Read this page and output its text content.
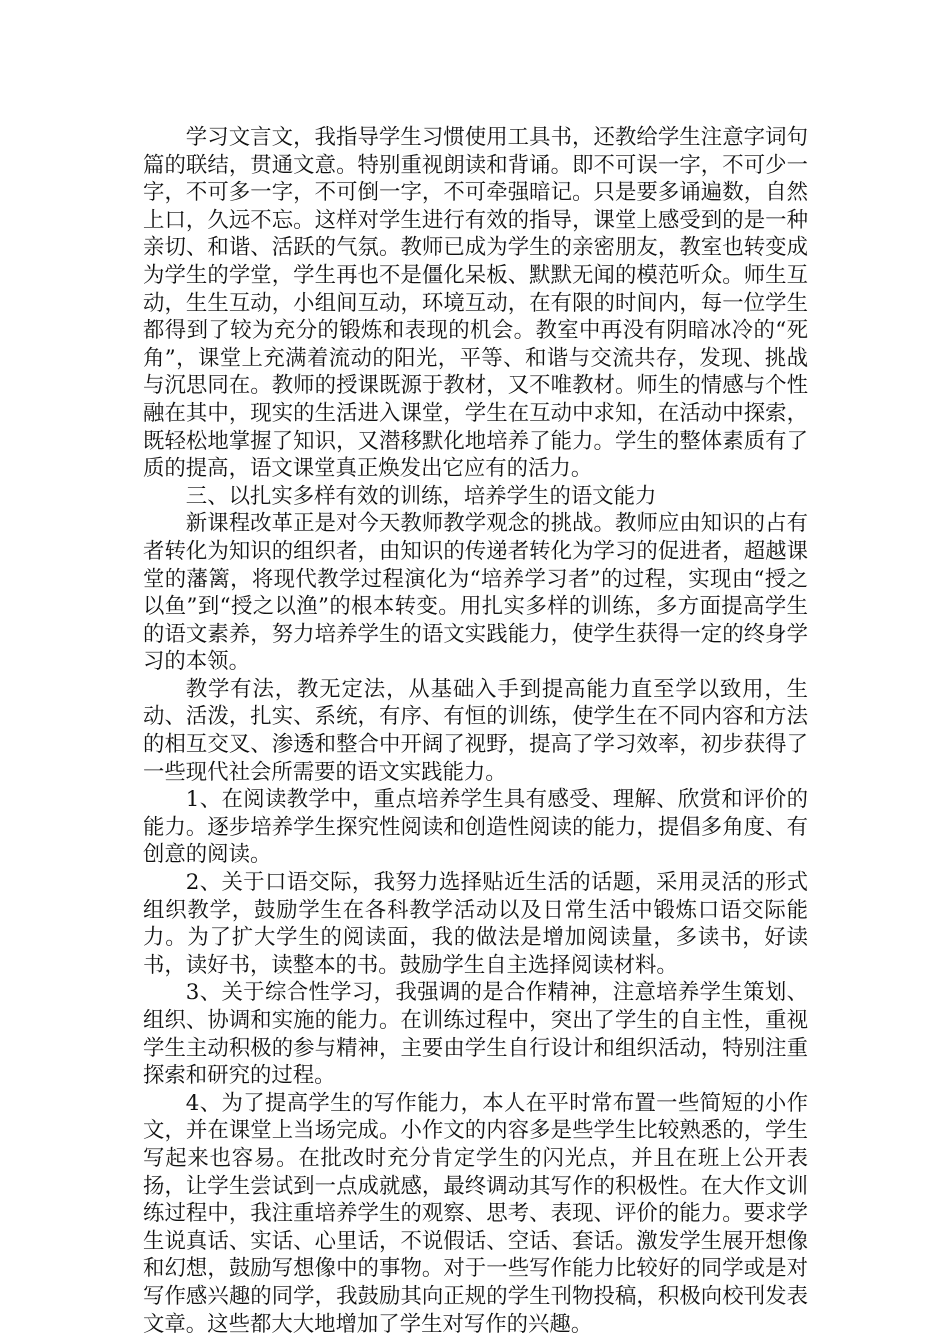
学习文言文，我指导学生习惯使用工具书，还教给学生注意字词句篇的联结，贯通文意。特别重视朗读和背诵。即不可误一字，不可少一字，不可多一字，不可倒一字，不可牵强暗记。只是要多诵遍数，自然上口，久远不忘。这样对学生进行有效的指导，课堂上感受到的是一种亲切、和谐、活跃的气氛。教师已成为学生的亲密朋友，教室也转变成为学生的学堂，学生再也不是僵化呆板、默默无闻的模范听众。师生互动，生生互动，小组间互动，环境互动，在有限的时间内，每一位学生都得到了较为充分的锻炼和表现的机会。教室中再没有阴暗冰冷的“死角”，课堂上充满着流动的阳光，平等、和谐与交流共存，发现、挑战与沉思同在。教师的授课既源于教材，又不唯教材。师生的情感与个性融在其中，现实的生活进入课堂，学生在互动中求知，在活动中探索，既轻松地掌握了知识，又潜移默化地培养了能力。学生的整体素质有了质的提高，语文课堂真正焕发出它应有的活力。

三、以扎实多样有效的训练，培养学生的语文能力

新课程改革正是对今天教师教学观念的挑战。教师应由知识的占有者转化为知识的组织者，由知识的传递者转化为学习的促进者，超越课堂的藩篱，将现代教学过程演化为“培养学习者”的过程，实现由“授之以鱼”到“授之以渔”的根本转变。用扎实多样的训练，多方面提高学生的语文素养，努力培养学生的语文实践能力，使学生获得一定的终身学习的本领。

教学有法，教无定法，从基础入手到提高能力直至学以致用，生动、活泼，扎实、系统，有序、有恒的训练，使学生在不同内容和方法的相互交叉、渗透和整合中开阔了视野，提高了学习效率，初步获得了一些现代社会所需要的语文实践能力。

1、在阅读教学中，重点培养学生具有感受、理解、欣赏和评价的能力。逐步培养学生探究性阅读和创造性阅读的能力，提倡多角度、有创意的阅读。

2、关于口语交际，我努力选择贴近生活的话题，采用灵活的形式组织教学，鼓励学生在各科教学活动以及日常生活中锻炼口语交际能力。为了扩大学生的阅读面，我的做法是增加阅读量，多读书，好读书，读好书，读整本的书。鼓励学生自主选择阅读材料。

3、关于综合性学习，我强调的是合作精神，注意培养学生策划、组织、协调和实施的能力。在训练过程中，突出了学生的自主性，重视学生主动积极的参与精神，主要由学生自行设计和组织活动，特别注重探索和研究的过程。

4、为了提高学生的写作能力，本人在平时常布置一些简短的小作文，并在课堂上当场完成。小作文的内容多是些学生比较熟悉的，学生写起来也容易。在批改时充分肯定学生的闪光点，并且在班上公开表扬，让学生尝试到一点成就感，最终调动其写作的积极性。在大作文训练过程中，我注重培养学生的观察、思考、表现、评价的能力。要求学生说真话、实话、心里话，不说假话、空话、套话。激发学生展开想像和幻想，鼓励写想像中的事物。对于一些写作能力比较好的同学或是对写作感兴趣的同学，我鼓励其向正规的学生刊物投稿，积极向校刊发表文章。这些都大大地增加了学生对写作的兴趣。
